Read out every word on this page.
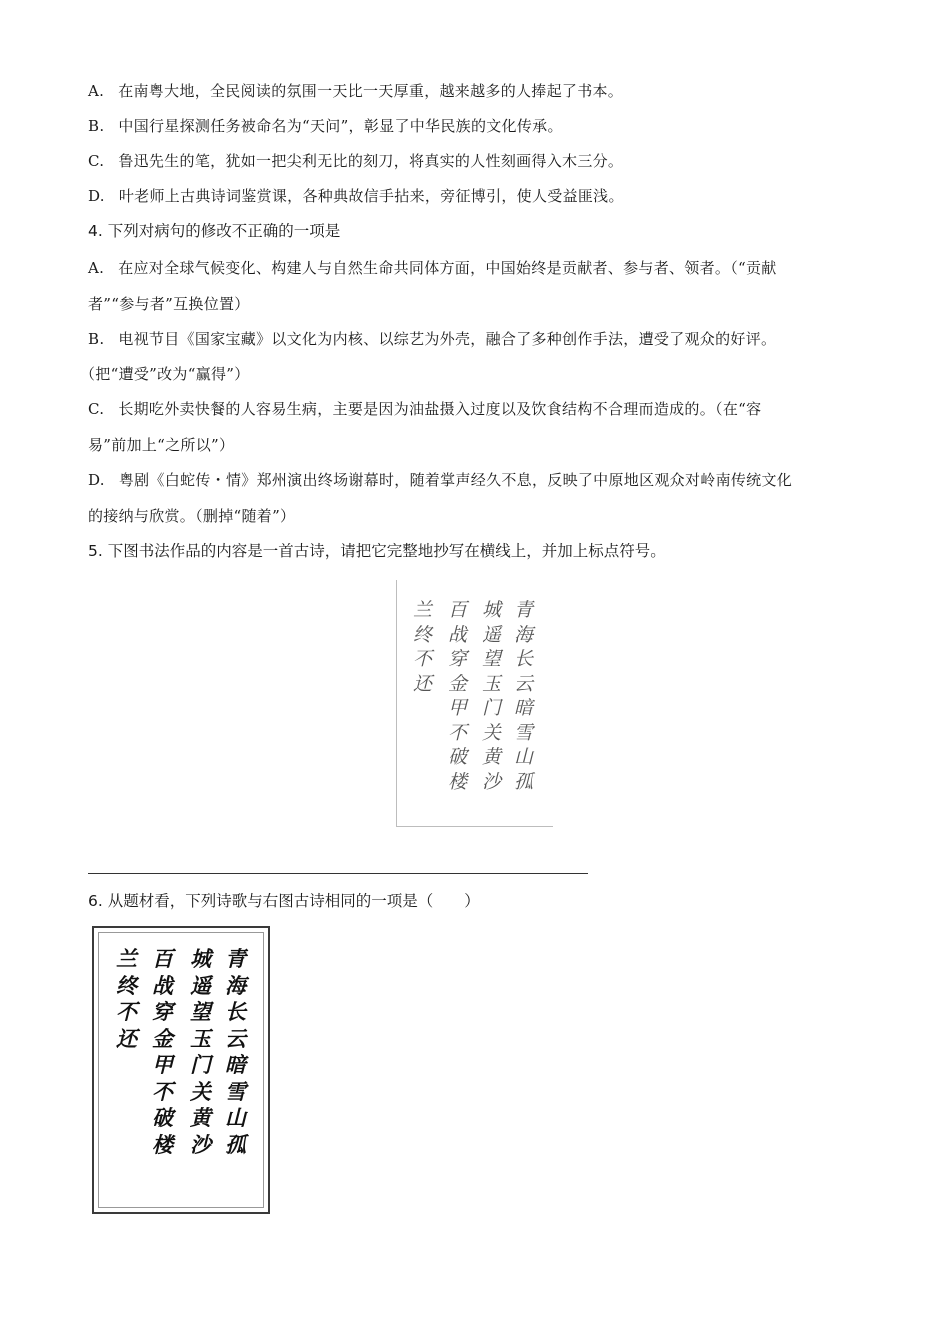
A. 在南粤大地，全民阅读的氛围一天比一天厚重，越来越多的人捧起了书本。
B. 中国行星探测任务被命名为“天问”，彰显了中华民族的文化传承。
C. 鲁迅先生的笔，犹如一把尖利无比的刻刀，将真实的人性刻画得入木三分。
D. 叶老师上古典诗词鉴赏课，各种典故信手拈来，旁征博引，使人受益匪浅。
4. 下列对病句的修改不正确的一项是
A. 在应对全球气候变化、构建人与自然生命共同体方面，中国始终是贡献者、参与者、领者。（“贡献
者”“参与者”互换位置）
B. 电视节目《国家宝藏》以文化为内核、以综艺为外壳，融合了多种创作手法，遭受了观众的好评。
（把“遭受”改为“赢得”）
C. 长期吃外卖快餐的人容易生病，主要是因为油盐摄入过度以及饮食结构不合理而造成的。（在“容
易”前加上“之所以”）
D. 粤剧《白蛇传・情》郑州演出终场谢幕时，随着掌声经久不息，反映了中原地区观众对岭南传统文化
的接纳与欣赏。（删掉“随着”）
5. 下图书法作品的内容是一首古诗，请把它完整地抄写在横线上，并加上标点符号。
青
海
长
云
暗
雪
山
孤
城
遥
望
玉
门
关
黄
沙
百
战
穿
金
甲
不
破
楼
兰
终
不
还
6. 从题材看，下列诗歌与右图古诗相同的一项是（　　）
青
海
长
云
暗
雪
山
孤
城
遥
望
玉
门
关
黄
沙
百
战
穿
金
甲
不
破
楼
兰
终
不
还
